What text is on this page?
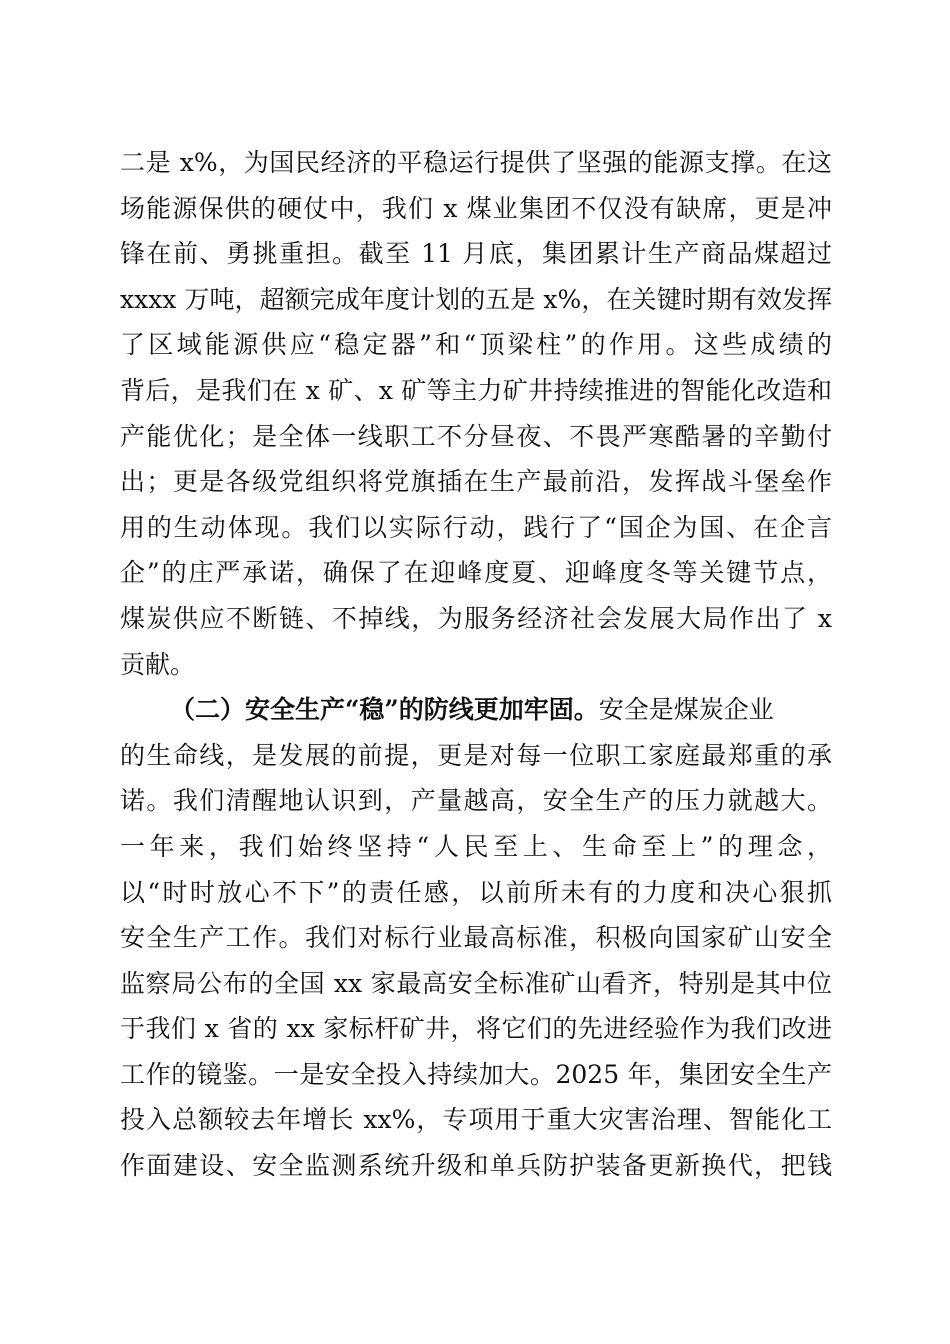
二是 x%，为国民经济的平稳运行提供了坚强的能源支撑。在这
场能源保供的硬仗中，我们 x 煤业集团不仅没有缺席，更是冲
锋在前、勇挑重担。截至 11 月底，集团累计生产商品煤超过
xxxx 万吨，超额完成年度计划的五是 x%，在关键时期有效发挥
了区域能源供应“稳定器”和“顶梁柱”的作用。这些成绩的
背后，是我们在 x 矿、x 矿等主力矿井持续推进的智能化改造和
产能优化；是全体一线职工不分昼夜、不畏严寒酷暑的辛勤付
出；更是各级党组织将党旗插在生产最前沿，发挥战斗堡垒作
用的生动体现。我们以实际行动，践行了“国企为国、在企言
企”的庄严承诺，确保了在迎峰度夏、迎峰度冬等关键节点，
煤炭供应不断链、不掉线，为服务经济社会发展大局作出了 x
贡献。
（二）安全生产“稳”的防线更加牢固。安全是煤炭企业
的生命线，是发展的前提，更是对每一位职工家庭最郑重的承
诺。我们清醒地认识到，产量越高，安全生产的压力就越大。
一年来，我们始终坚持“人民至上、生命至上”的理念，
以“时时放心不下”的责任感，以前所未有的力度和决心狠抓
安全生产工作。我们对标行业最高标准，积极向国家矿山安全
监察局公布的全国 xx 家最高安全标准矿山看齐，特别是其中位
于我们 x 省的 xx 家标杆矿井，将它们的先进经验作为我们改进
工作的镜鉴。一是安全投入持续加大。2025 年，集团安全生产
投入总额较去年增长 xx%，专项用于重大灾害治理、智能化工
作面建设、安全监测系统升级和单兵防护装备更新换代，把钱
